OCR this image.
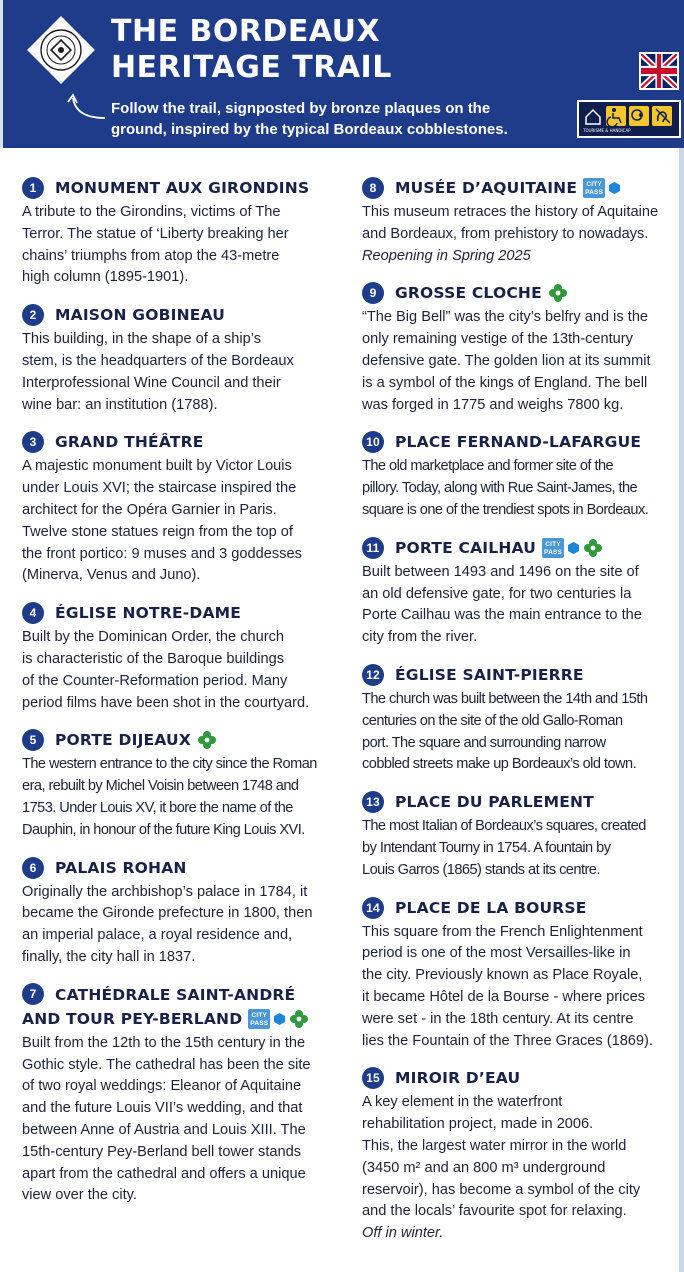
THE BORDEAUX
HERITAGE TRAIL
Follow the trail, signposted by bronze plaques on the
ground, inspired by the typical Bordeaux cobblestones.	TOURISME & HANDICAP
1	MONUMENT AUX GIRONDINS
A tribute to the Girondins, victims of The
Terror. The statue of ‘Liberty breaking her
chains’ triumphs from atop the 43-metre
high column (1895-1901).
2	MAISON GOBINEAU
This building, in the shape of a ship’s
stem, is the headquarters of the Bordeaux
Interprofessional Wine Council and their
wine bar: an institution (1788).
3	GRAND THÉÂTRE
A majestic monument built by Victor Louis
under Louis XVI; the staircase inspired the
architect for the Opéra Garnier in Paris.
Twelve stone statues reign from the top of
the front portico: 9 muses and 3 goddesses
(Minerva, Venus and Juno).
4	ÉGLISE NOTRE-DAME
Built by the Dominican Order, the church
is characteristic of the Baroque buildings
of the Counter-Reformation period. Many
period films have been shot in the courtyard.
5	PORTE DIJEAUX
The western entrance to the city since the Roman
era, rebuilt by Michel Voisin between 1748 and
1753. Under Louis XV, it bore the name of the
Dauphin, in honour of the future King Louis XVI.
6	PALAIS ROHAN
Originally the archbishop’s palace in 1784, it
became the Gironde prefecture in 1800, then
an imperial palace, a royal residence and,
finally, the city hall in 1837.
7	CATHÉDRALE SAINT-ANDRÉ
AND TOUR PEY-BERLAND CITY
PASS
Built from the 12th to the 15th century in the
Gothic style. The cathedral has been the site
of two royal weddings: Eleanor of Aquitaine
and the future Louis VII’s wedding, and that
between Anne of Austria and Louis XIII. The
15th-century Pey-Berland bell tower stands
apart from the cathedral and offers a unique
view over the city.
8	MUSÉE D’AQUITAINE CITY
PASS
This museum retraces the history of Aquitaine
and Bordeaux, from prehistory to nowadays.
Reopening in Spring 2025
9	GROSSE CLOCHE
“The Big Bell” was the city’s belfry and is the
only remaining vestige of the 13th-century
defensive gate. The golden lion at its summit
is a symbol of the kings of England. The bell
was forged in 1775 and weighs 7800 kg.
10 PLACE FERNAND-LAFARGUE
The old marketplace and former site of the
pillory. Today, along with Rue Saint-James, the
square is one of the trendiest spots in Bordeaux.
11 PORTE CAILHAU CITY
PASS
Built between 1493 and 1496 on the site of
an old defensive gate, for two centuries la
Porte Cailhau was the main entrance to the
city from the river.
12 ÉGLISE SAINT-PIERRE
The church was built between the 14th and 15th
centuries on the site of the old Gallo-Roman
port. The square and surrounding narrow
cobbled streets make up Bordeaux’s old town.
13 PLACE DU PARLEMENT
The most Italian of Bordeaux’s squares, created
by Intendant Tourny in 1754. A fountain by
Louis Garros (1865) stands at its centre.
14 PLACE DE LA BOURSE
This square from the French Enlightenment
period is one of the most Versailles-like in
the city. Previously known as Place Royale,
it became Hôtel de la Bourse - where prices
were set - in the 18th century. At its centre
lies the Fountain of the Three Graces (1869).
15 MIROIR D’EAU
A key element in the waterfront
rehabilitation project, made in 2006.
This, the largest water mirror in the world
(3450 m² and an 800 m³ underground
reservoir), has become a symbol of the city
and the locals’ favourite spot for relaxing.
Off in winter.
